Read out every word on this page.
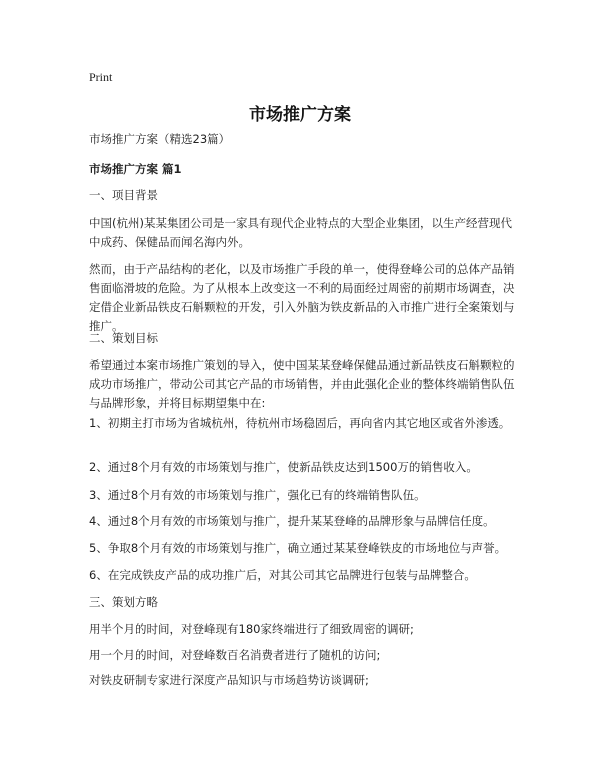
Print
市场推广方案

市场推广方案（精选23篇）

市场推广方案 篇1

一、项目背景

中国(杭州)某某集团公司是一家具有现代企业特点的大型企业集团，以生产经营现代中成药、保健品而闻名海内外。

然而，由于产品结构的老化，以及市场推广手段的单一，使得登峰公司的总体产品销售面临滑坡的危险。为了从根本上改变这一不利的局面经过周密的前期市场调查，决定借企业新品铁皮石斛颗粒的开发，引入外脑为铁皮新品的入市推广进行全案策划与推广。

二、策划目标

希望通过本案市场推广策划的导入，使中国某某登峰保健品通过新品铁皮石斛颗粒的成功市场推广，带动公司其它产品的市场销售，并由此强化企业的整体终端销售队伍与品牌形象，并将目标期望集中在:

1、初期主打市场为省城杭州，待杭州市场稳固后，再向省内其它地区或省外渗透。

2、通过8个月有效的市场策划与推广，使新品铁皮达到1500万的销售收入。

3、通过8个月有效的市场策划与推广，强化已有的终端销售队伍。

4、通过8个月有效的市场策划与推广，提升某某登峰的品牌形象与品牌信任度。

5、争取8个月有效的市场策划与推广，确立通过某某登峰铁皮的市场地位与声誉。

6、在完成铁皮产品的成功推广后，对其公司其它品牌进行包装与品牌整合。

三、策划方略

用半个月的时间，对登峰现有180家终端进行了细致周密的调研;

用一个月的时间，对登峰数百名消费者进行了随机的访问;

对铁皮研制专家进行深度产品知识与市场趋势访谈调研;
